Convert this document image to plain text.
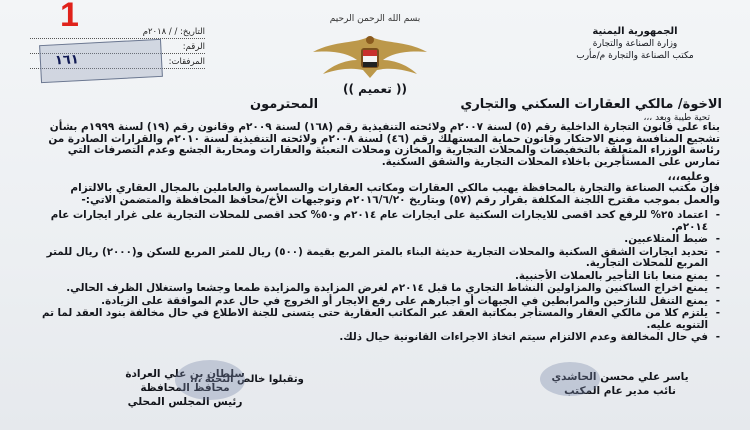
1	بسم الله الرحمن الرحيم
الجمهورية اليمنية
وزارة الصناعة والتجارة
مكتب الصناعة والتجارة م/مأرب
التاريخ: / / ٢٠١٨م
الرقم:
المرفقات:
١٦١
(( تعميم ))
الاخوة/ مالكي العقارات السكني والتجاري
المحترمون
تحية طيبة وبعد ،،،
بناء على قانون التجارة الداخلية رقم (٥) لسنة ٢٠٠٧م ولائحته التنفيذية رقم (١٦٨) لسنة ٢٠٠٩م وقانون رقم (١٩) لسنة ١٩٩٩م بشأن تشجيع المنافسة ومنع الاحتكار وقانون حماية المستهلك رقم (٤٦) لسنة ٢٠٠٨م ولائحته التنفيذية لسنة ٢٠١٠م والقرارات الصادرة من رئاسة الوزراء المتعلقة بالتخفيضات والمحلات التجارية والمخازن ومحلات التعبئة والعقارات ومحاربة الجشع وعدم التصرفات التي تمارس على المستأجرين باخلاء المحلات التجارية والشقق السكنية.
وعليه،،،
فإن مكتب الصناعة والتجارة بالمحافظة يهيب مالكي العقارات ومكاتب العقارات والسماسرة والعاملين بالمجال العقاري بالالتزام والعمل بموجب مقترح اللجنة المكلفة بقرار رقم (٥٧) وبتاريخ ٢٠١٦/٦/٢٠م وتوجيهات الأخ/محافظ المحافظة والمتضمن الاتي:-
- اعتماد ٢٥% للرفع كحد اقصى للايجارات السكنية على ايجارات عام ٢٠١٤م و٥٠% كحد اقصى للمحلات التجارية على غرار ايجارات عام ٢٠١٤م.
- ضبط المتلاعبين.
- تحديد ايجارات الشقق السكنية والمحلات التجارية حديثة البناء بالمتر المربع بقيمة (٥٠٠) ريال للمتر المربع للسكن و(٢٠٠٠) ريال للمتر المربع للمحلات التجارية.
- يمنع منعا باتا التأجير بالعملات الأجنبية.
- يمنع اخراج الساكنين والمزاولين النشاط التجاري ما قبل ٢٠١٤م لغرض المزايدة والمزايدة طمعا وجشعا واستغلال الظرف الحالي.
- يمنع التنقل للنازحين والمرابطين في الجبهات أو اجبارهم على رفع الايجار أو الخروج في حال عدم الموافقة على الزيادة.
- يلتزم كلا من مالكي العقار والمستأجر بمكاتبة العقد عبر المكاتب العقارية حتى يتسنى للجنة الاطلاع في حال مخالفة بنود العقد لما تم التنويه عليه.
- في حال المخالفة وعدم الالتزام سيتم اتخاذ الاجراءات القانونية حيال ذلك.
وتقبلوا خالص التحية ،،،	ياسر علي محسن الحاشدي
نائب مدير عام المكتب
سلطان بن علي العرادة
محافظ المحافظة
رئيس المجلس المحلي
